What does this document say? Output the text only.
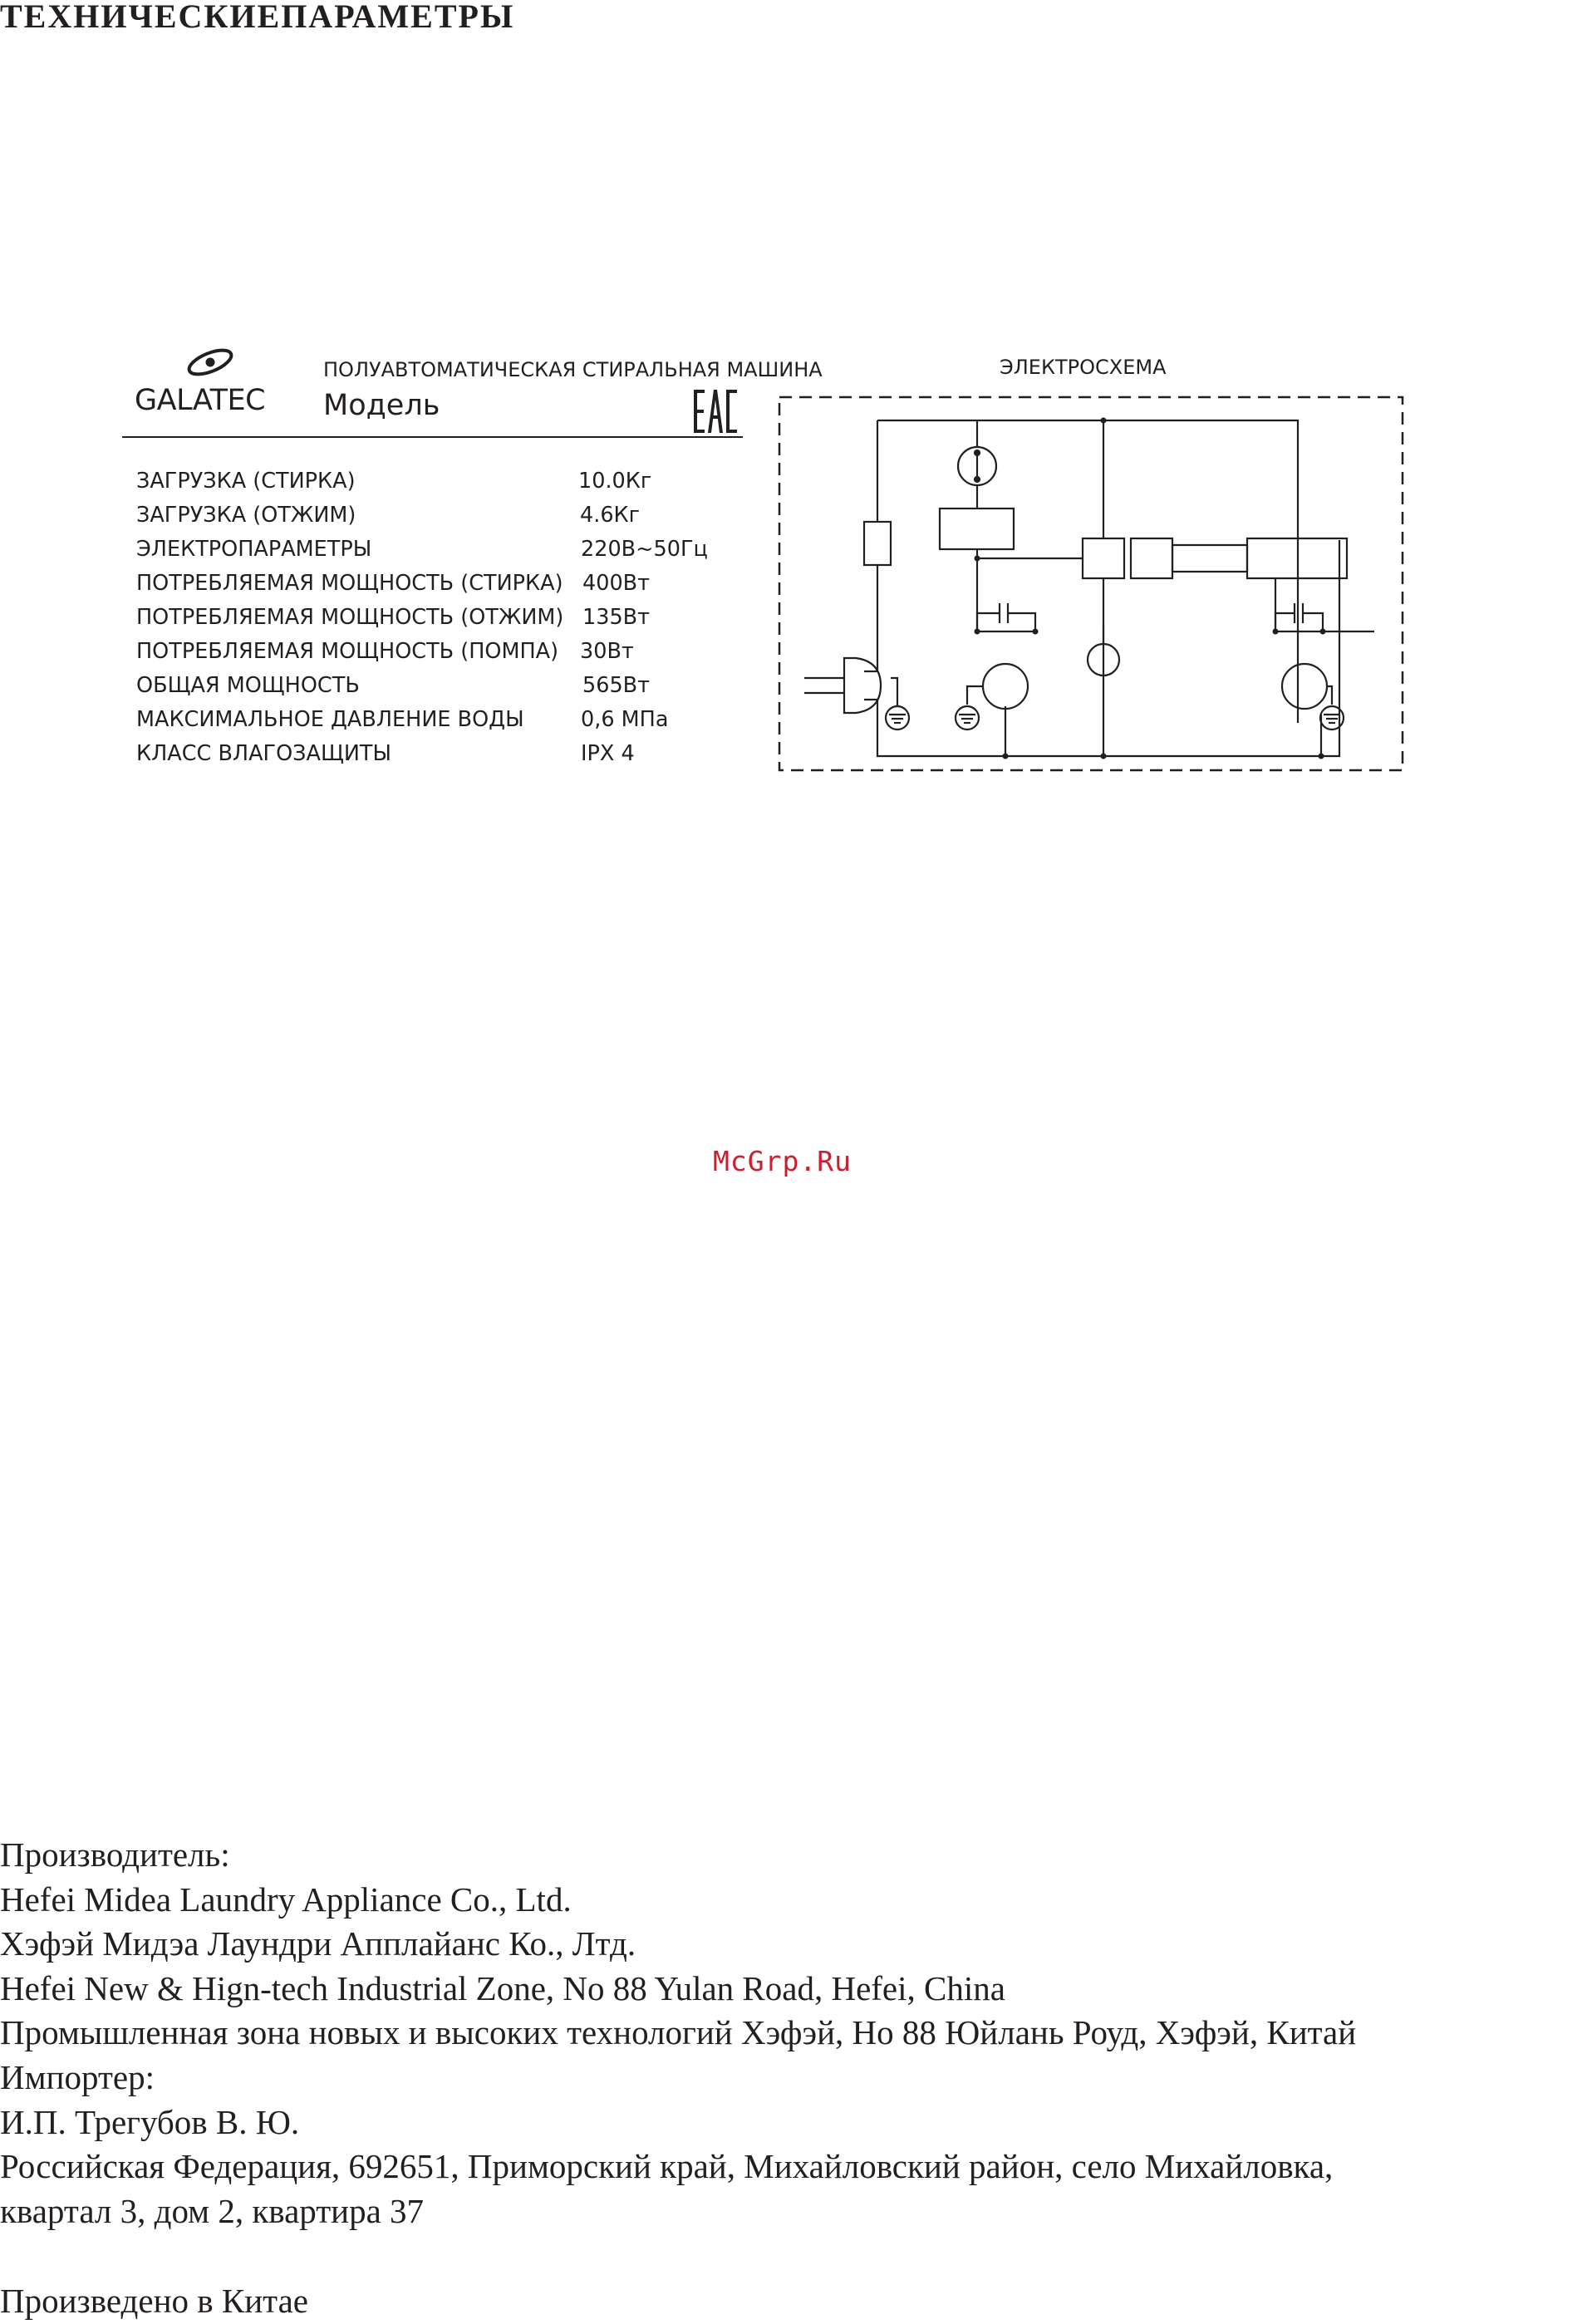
ТЕХНИЧЕСКИЕПАРАМЕТРЫ
GALATEC
ПОЛУАВТОМАТИЧЕСКАЯ СТИРАЛЬНАЯ МАШИНА
Модель
ЗАГРУЗКА (СТИРКА)	10.0Кг
ЗАГРУЗКА (ОТЖИМ)	4.6Кг
ЭЛЕКТРОПАРАМЕТРЫ	220В~50Гц
ПОТРЕБЛЯЕМАЯ МОЩНОСТЬ (СТИРКА) 400Вт
ПОТРЕБЛЯЕМАЯ МОЩНОСТЬ (ОТЖИМ) 135Вт
ПОТРЕБЛЯЕМАЯ МОЩНОСТЬ (ПОМПА) 30Вт
ОБЩАЯ МОЩНОСТЬ	565Вт
МАКСИМАЛЬНОЕ ДАВЛЕНИЕ ВОДЫ	0,6 МПа
КЛАСС ВЛАГОЗАЩИТЫ	IPX 4
ЭЛЕКТРОСХЕМА
McGrp.Ru
Производитель:
Hefei Midea Laundry Appliance Co., Ltd.
Хэфэй Мидэа Лаундри Апплайанс Ко., Лтд.
Hefei New & Hign-tech Industrial Zone, No 88 Yulan Road, Hefei, China
Промышленная зона новых и высоких технологий Хэфэй, Но 88 Юйлань Роуд, Хэфэй, Китай
Импортер:
И.П. Трегубов В. Ю.
Российская Федерация, 692651, Приморский край, Михайловский район, село Михайловка,
квартал 3, дом 2, квартира 37
Произведено в Китае
